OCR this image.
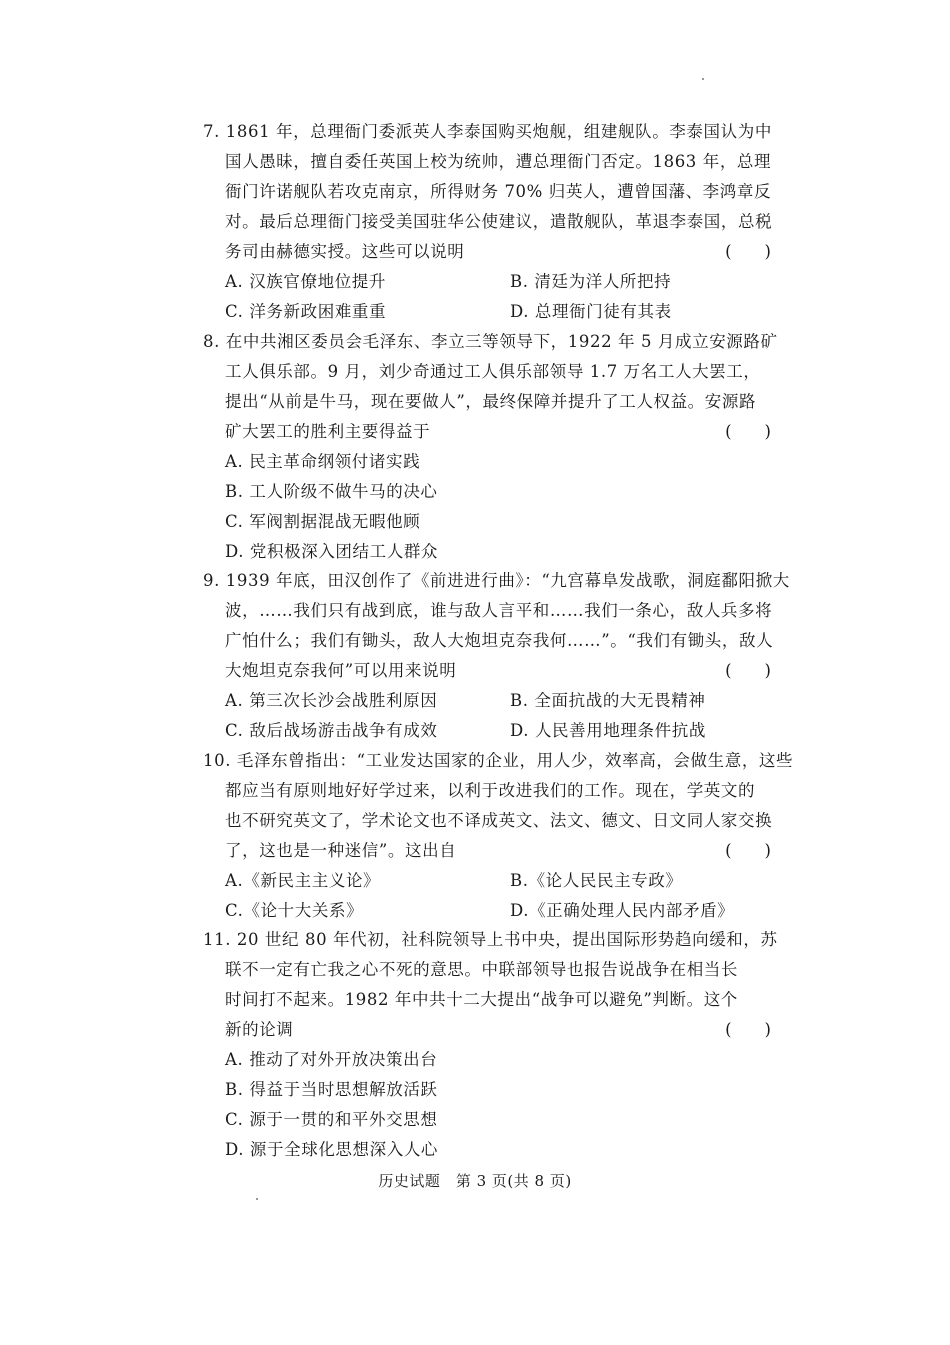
7. 1861 年，总理衙门委派英人李泰国购买炮舰，组建舰队。李泰国认为中
国人愚昧，擅自委任英国上校为统帅，遭总理衙门否定。1863 年，总理
衙门许诺舰队若攻克南京，所得财务 70% 归英人，遭曾国藩、李鸿章反
对。最后总理衙门接受美国驻华公使建议，遣散舰队，革退李泰国，总税
务司由赫德实授。这些可以说明	(　　)
A. 汉族官僚地位提升	B. 清廷为洋人所把持
C. 洋务新政困难重重	D. 总理衙门徒有其表
8. 在中共湘区委员会毛泽东、李立三等领导下，1922 年 5 月成立安源路矿
工人俱乐部。9 月，刘少奇通过工人俱乐部领导 1.7 万名工人大罢工，
提出“从前是牛马，现在要做人”，最终保障并提升了工人权益。安源路
矿大罢工的胜利主要得益于	(　　)
A. 民主革命纲领付诸实践
B. 工人阶级不做牛马的决心
C. 军阀割据混战无暇他顾
D. 党积极深入团结工人群众
9. 1939 年底，田汉创作了《前进进行曲》：“九宫幕阜发战歌，洞庭鄱阳掀大
波，……我们只有战到底，谁与敌人言平和……我们一条心，敌人兵多将
广怕什么；我们有锄头，敌人大炮坦克奈我何……”。“我们有锄头，敌人
大炮坦克奈我何”可以用来说明	(　　)
A. 第三次长沙会战胜利原因	B. 全面抗战的大无畏精神
C. 敌后战场游击战争有成效	D. 人民善用地理条件抗战
10. 毛泽东曾指出：“工业发达国家的企业，用人少，效率高，会做生意，这些
都应当有原则地好好学过来，以利于改进我们的工作。现在，学英文的
也不研究英文了，学术论文也不译成英文、法文、德文、日文同人家交换
了，这也是一种迷信”。这出自	(　　)
A.《新民主主义论》	B.《论人民民主专政》
C.《论十大关系》	D.《正确处理人民内部矛盾》
11. 20 世纪 80 年代初，社科院领导上书中央，提出国际形势趋向缓和，苏
联不一定有亡我之心不死的意思。中联部领导也报告说战争在相当长
时间打不起来。1982 年中共十二大提出“战争可以避免”判断。这个
新的论调	(　　)
A. 推动了对外开放决策出台
B. 得益于当时思想解放活跃
C. 源于一贯的和平外交思想
D. 源于全球化思想深入人心
历史试题　第 3 页(共 8 页)
